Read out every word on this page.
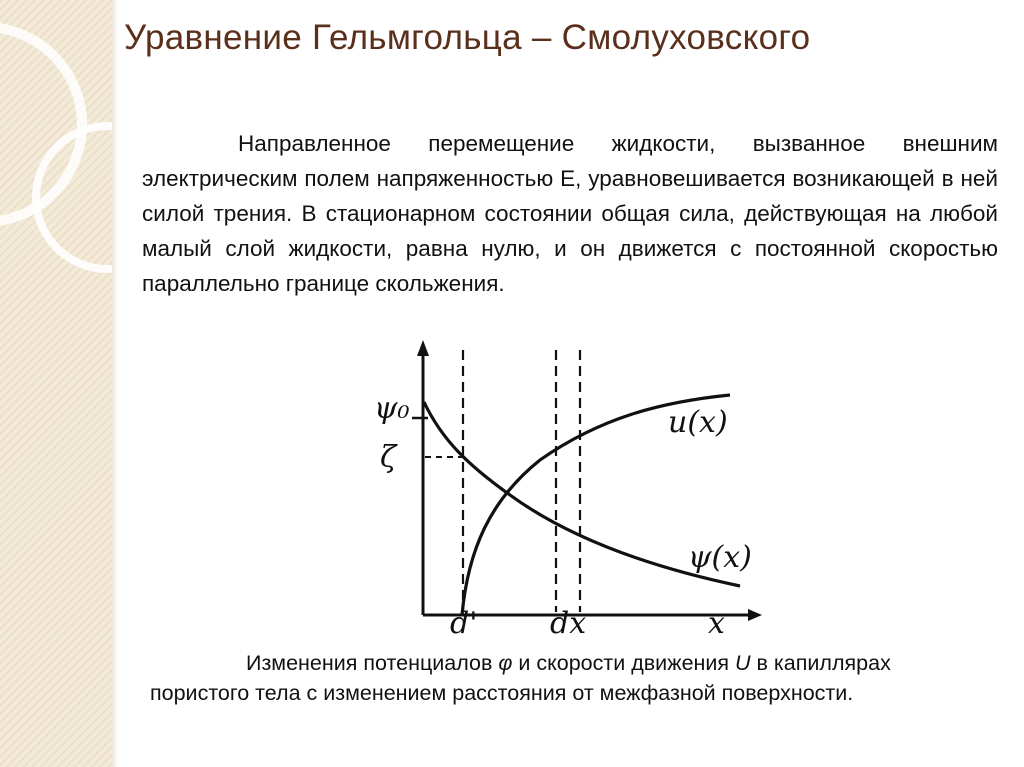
Уравнение Гельмгольца – Смолуховского
Направленное перемещение жидкости, вызванное внешним электрическим полем напряженностью Е, уравновешивается возникающей в ней силой трения. В стационарном состоянии общая сила, действующая на любой малый слой жидкости, равна нулю, и он движется с постоянной скоростью параллельно границе скольжения.
ψ₀
ζ
u(x)
ψ(x)
d' dx	x
Изменения потенциалов φ и скорости движения U в капиллярах пористого тела с изменением расстояния от межфазной поверхности.
